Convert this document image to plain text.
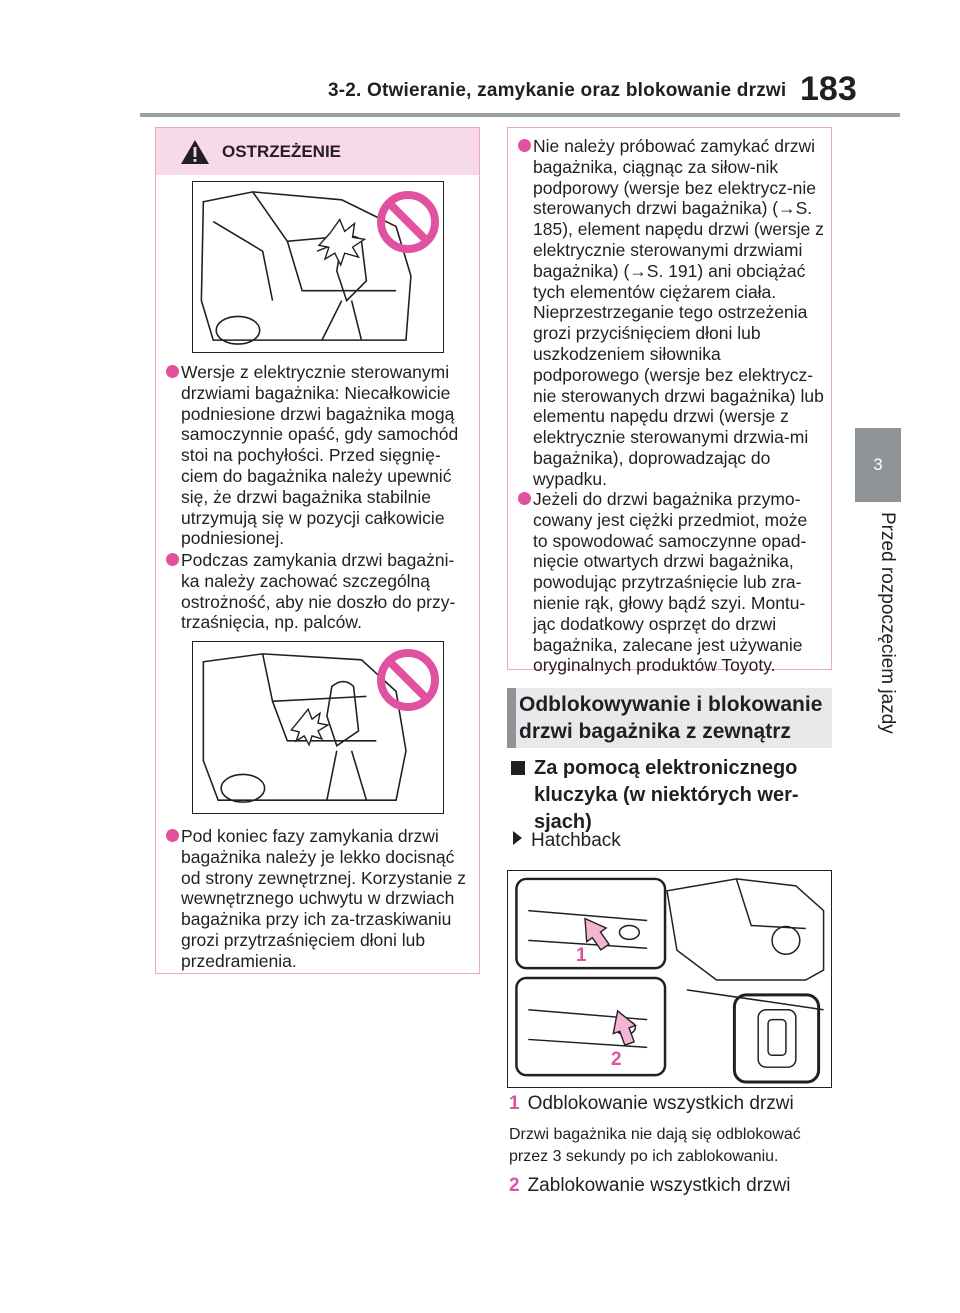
3-2. Otwieranie, zamykanie oraz blokowanie drzwi 183
3
Przed rozpoczęciem jazdy
OSTRZEŻENIE
Wersje z elektrycznie sterowanymi drzwiami bagażnika: Niecałkowicie podniesione drzwi bagażnika mogą samoczynnie opaść, gdy samochód stoi na pochyłości. Przed sięgnię-ciem do bagażnika należy upewnić się, że drzwi bagażnika stabilnie utrzymują się w pozycji całkowicie podniesionej.
Podczas zamykania drzwi bagażni-ka należy zachować szczególną ostrożność, aby nie doszło do przy-trzaśnięcia, np. palców.
Pod koniec fazy zamykania drzwi bagażnika należy je lekko docisnąć od strony zewnętrznej. Korzystanie z wewnętrznego uchwytu w drzwiach bagażnika przy ich za-trzaskiwaniu grozi przytrzaśnięciem dłoni lub przedramienia.
Nie należy próbować zamykać drzwi bagażnika, ciągnąc za siłow-nik podporowy (wersje bez elektrycz-nie sterowanych drzwi bagażnika) (→S. 185), element napędu drzwi (wersje z elektrycznie sterowanymi drzwiami bagażnika) (→S. 191) ani obciążać tych elementów ciężarem ciała. Nieprzestrzeganie tego ostrzeżenia grozi przyciśnięciem dłoni lub uszkodzeniem siłownika podporowego (wersje bez elektrycz-nie sterowanych drzwi bagażnika) lub elementu napędu drzwi (wersje z elektrycznie sterowanymi drzwia-mi bagażnika), doprowadzając do wypadku.
Jeżeli do drzwi bagażnika przymo-cowany jest ciężki przedmiot, może to spowodować samoczynne opad-nięcie otwartych drzwi bagażnika, powodując przytrzaśnięcie lub zra-nienie rąk, głowy bądź szyi. Montu-jąc dodatkowy osprzęt do drzwi bagażnika, zalecane jest używanie oryginalnych produktów Toyoty.
Odblokowywanie i blokowanie drzwi bagażnika z zewnątrz
Za pomocą elektronicznego kluczyka (w niektórych wer-sjach)
Hatchback
1
2
1 Odblokowanie wszystkich drzwi
Drzwi bagażnika nie dają się odblokować przez 3 sekundy po ich zablokowaniu.
2 Zablokowanie wszystkich drzwi
